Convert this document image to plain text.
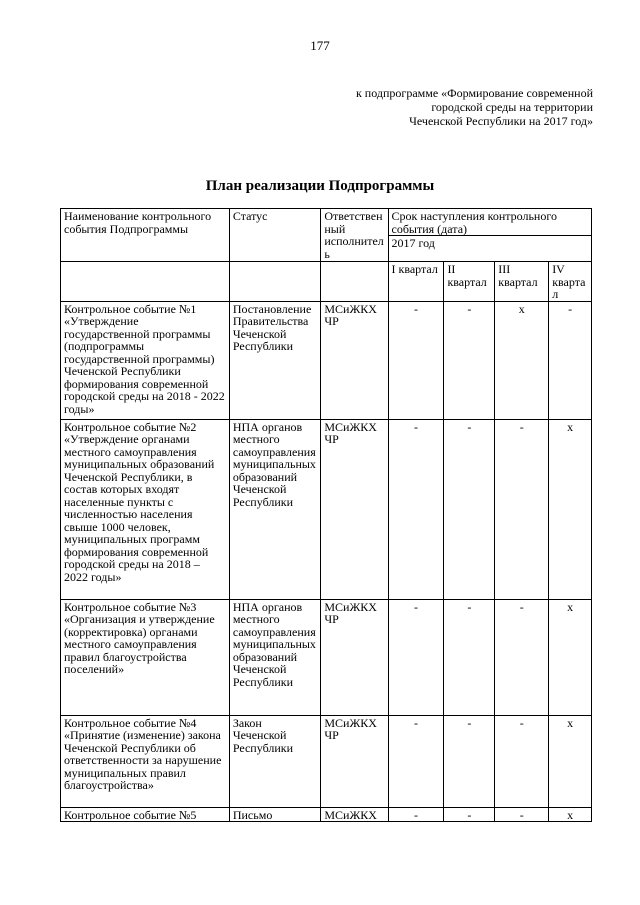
177
к подпрограмме «Формирование современной
городской среды на территории
Чеченской Республики на 2017 год»
План реализации Подпрограммы
Наименование контрольного события Подпрограммы	Статус	Ответственный исполнитель	Срок наступления контрольного события (дата)			
			2017 год			
			I квартал	II квартал	III квартал	IV квартал
Контрольное событие №1 «Утверждение государственной программы (подпрограммы государственной программы) Чеченской Республики формирования современной городской среды на 2018 - 2022 годы»	Постановление Правительства Чеченской Республики	МСиЖКХ ЧР	-	-	х	-
Контрольное событие №2 «Утверждение органами местного самоуправления муниципальных образований Чеченской Республики, в состав которых входят населенные пункты с численностью населения свыше 1000 человек, муниципальных программ формирования современной городской среды на 2018 – 2022 годы»	НПА органов местного самоуправления муниципальных образований Чеченской Республики	МСиЖКХ ЧР	-	-	-	х
Контрольное событие №3 «Организация и утверждение (корректировка) органами местного самоуправления правил благоустройства поселений»	НПА органов местного самоуправления муниципальных образований Чеченской Республики	МСиЖКХ ЧР	-	-	-	х
Контрольное событие №4 «Принятие (изменение) закона Чеченской Республики об ответственности за нарушение муниципальных правил благоустройства»	Закон Чеченской Республики	МСиЖКХ ЧР	-	-	-	х
Контрольное событие №5	Письмо	МСиЖКХ	-	-	-	х
